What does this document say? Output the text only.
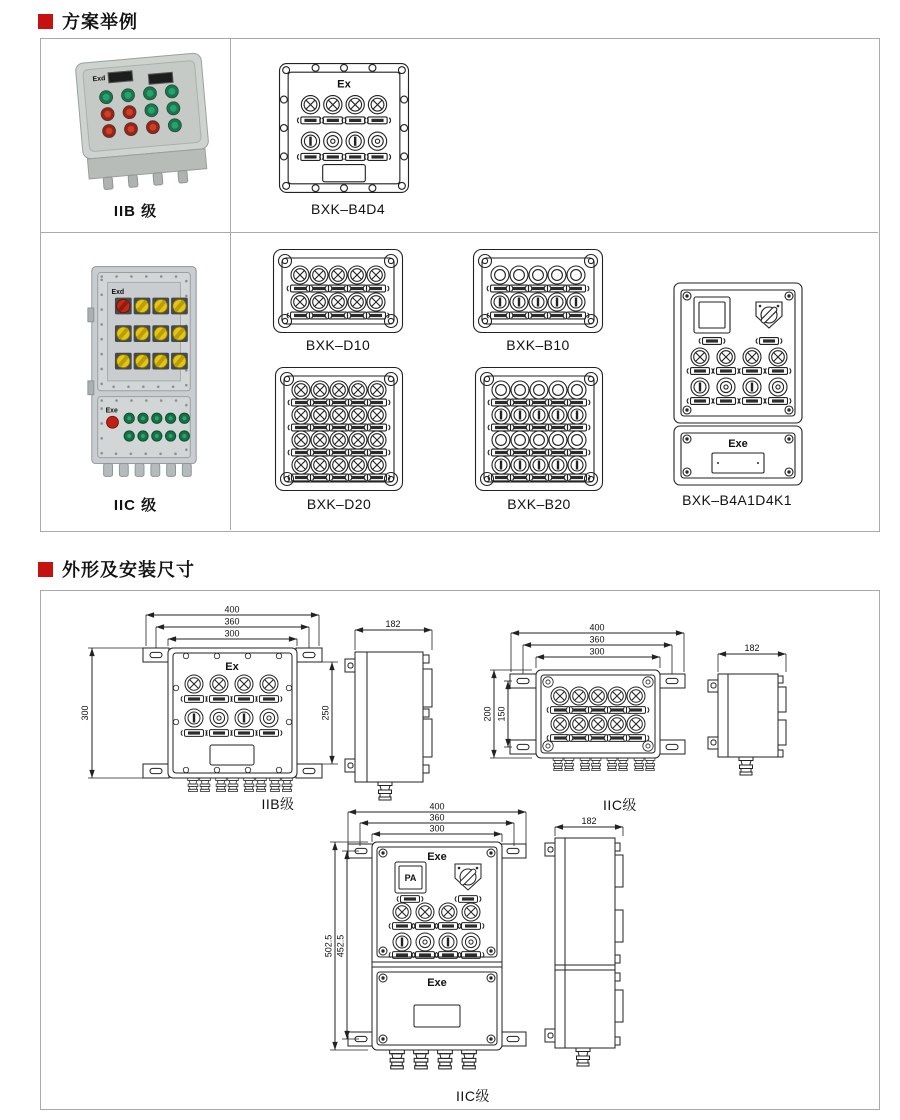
方案举例
Exd
IIB 级
Ex
BXK–B4D4
Exd
Exe
IIC 级
BXK–D10	BXK–B10
BXK–D20	BXK–B20
Exe
BXK–B4A1D4K1
外形及安装尺寸
400
360
300
300	250
Ex
IIB级
182	400
360
300
200 150
IIC级
182
400
360
300
502.5 452.5
Exe
PA
Exe
IIC级
182
